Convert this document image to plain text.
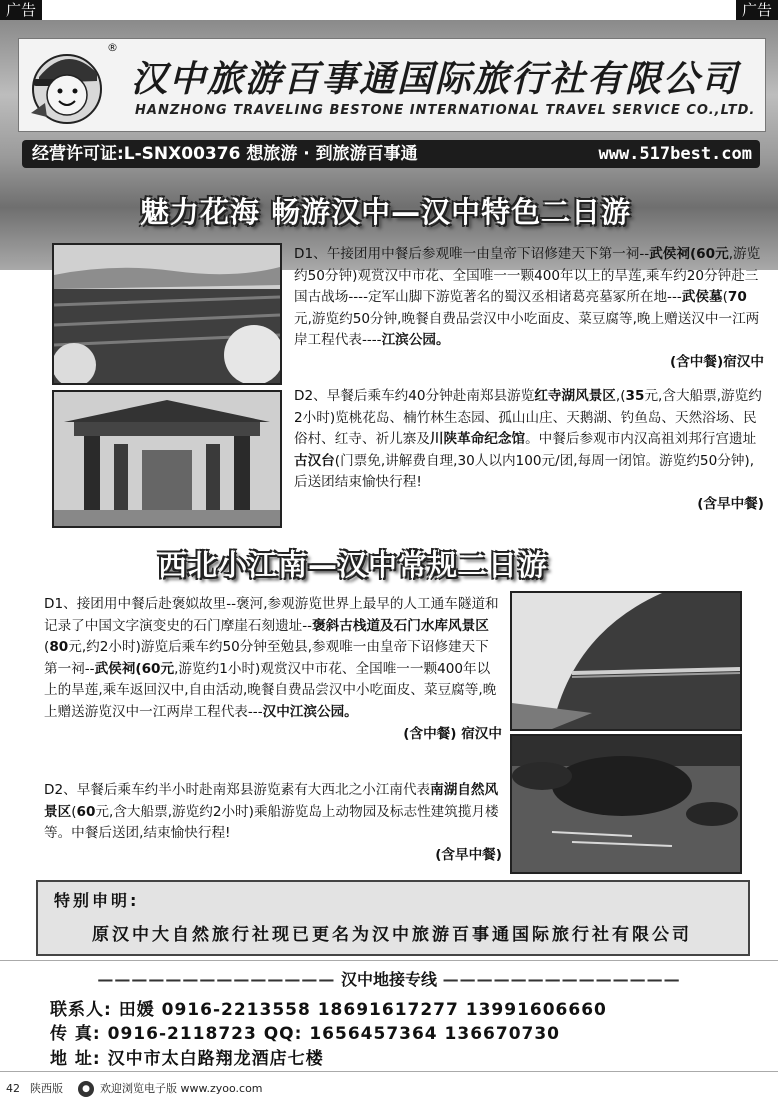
广告	广告
®
汉中旅游百事通国际旅行社有限公司
HANZHONG TRAVELING BESTONE INTERNATIONAL TRAVEL SERVICE CO.,LTD.
经营许可证:L-SNX00376 想旅游 · 到旅游百事通	www.517best.com
魅力花海 畅游汉中—汉中特色二日游
D1、午接团用中餐后参观唯一由皇帝下诏修建天下第一祠--武侯祠(60元,游览约50分钟)观赏汉中市花、全国唯一一颗400年以上的旱莲,乘车约20分钟赴三国古战场----定军山脚下游览著名的蜀汉丞相诸葛亮墓冢所在地---武侯墓(70元,游览约50分钟,晚餐自费品尝汉中小吃面皮、菜豆腐等,晚上赠送汉中一江两岸工程代表----江滨公园。
(含中餐)宿汉中
D2、早餐后乘车约40分钟赴南郑县游览红寺湖风景区,(35元,含大船票,游览约2小时)览桃花岛、楠竹林生态园、孤山山庄、天鹅湖、钓鱼岛、天然浴场、民俗村、红寺、祈儿寨及川陕革命纪念馆。中餐后参观市内汉高祖刘邦行宫遗址古汉台(门票免,讲解费自理,30人以内100元/团,每周一闭馆。游览约50分钟),后送团结束愉快行程!
(含早中餐)
西北小江南—汉中常规二日游
D1、接团用中餐后赴褒姒故里--褒河,参观游览世界上最早的人工通车隧道和记录了中国文字演变史的石门摩崖石刻遗址--褒斜古栈道及石门水库风景区(80元,约2小时)游览后乘车约50分钟至勉县,参观唯一由皇帝下诏修建天下第一祠--武侯祠(60元,游览约1小时)观赏汉中市花、全国唯一一颗400年以上的旱莲,乘车返回汉中,自由活动,晚餐自费品尝汉中小吃面皮、菜豆腐等,晚上赠送游览汉中一江两岸工程代表---汉中江滨公园。
(含中餐) 宿汉中
D2、早餐后乘车约半小时赴南郑县游览素有大西北之小江南代表南湖自然风景区(60元,含大船票,游览约2小时)乘船游览岛上动物园及标志性建筑揽月楼等。中餐后送团,结束愉快行程!
(含早中餐)
特别申明:
原汉中大自然旅行社现已更名为汉中旅游百事通国际旅行社有限公司
—————————————— 汉中地接专线 ——————————————
联系人: 田媛 0916-2213558 18691617277 13991606660
传 真: 0916-2118723 QQ: 1656457364 136670730
地 址: 汉中市太白路翔龙酒店七楼
42 陕西版	● 欢迎浏览电子版 www.zyoo.com
